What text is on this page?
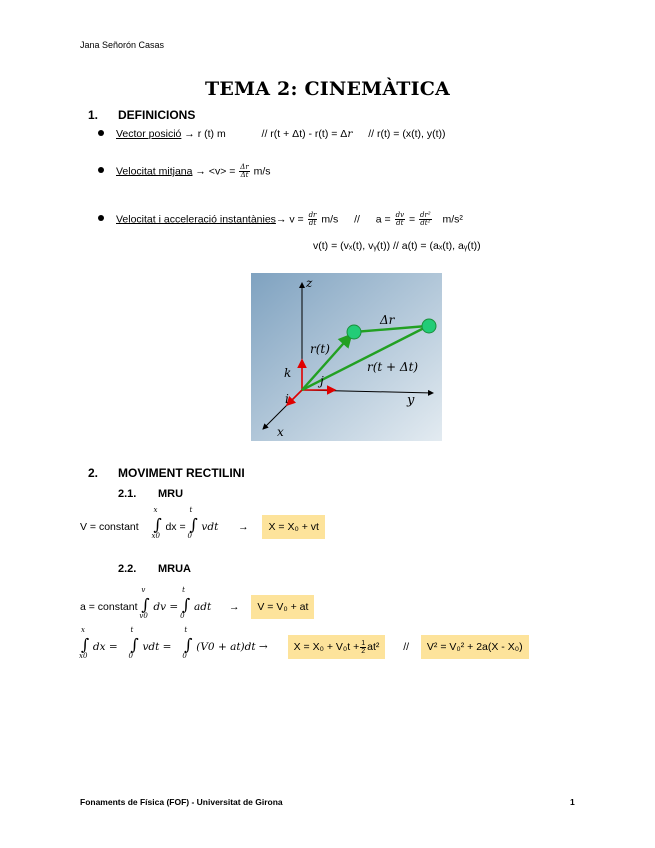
Jana Señorón Casas
TEMA 2: CINEMÀTICA
1. DEFINICIONS
Vector posició → r (t) m	// r(t + Δt) - r(t) = Δr // r(t) = (x(t), y(t))
Velocitat mitjana → $<v> = \frac{\Delta r}{\Delta t} m/s$
Velocitat i acceleració instantànies→ $v = \frac{dr}{dt} m/s // a = \frac{dv}{dt} = \frac{\text{dr²}}{\text{dt²}} m/s^2$
v(t) = (vₓ(t), vᵧ(t)) // a(t) = (aₓ(t), aᵧ(t))
z
y
x
k
i
j
r(t)
r(t + Δt)
Δr
2. MOVIMENT RECTILINI
2.1. MRU
V = constant ∫
x
x0
dx = ∫
t
0
vdt → X = X₀ + vt
2.2. MRUA
a = constant ∫
v
v0
dv = ∫
t
0
adt → V = V₀ + at
∫
x
x0
dx = ∫
t
0
vdt = ∫
t
0
$(V0 + at)dt \to X = X_0 + V_0t + \frac{1}{2} at^2 // V^2 = V_0^2 + 2a(X - X_0)$
Fonaments de Física (FOF) - Universitat de Girona	1
